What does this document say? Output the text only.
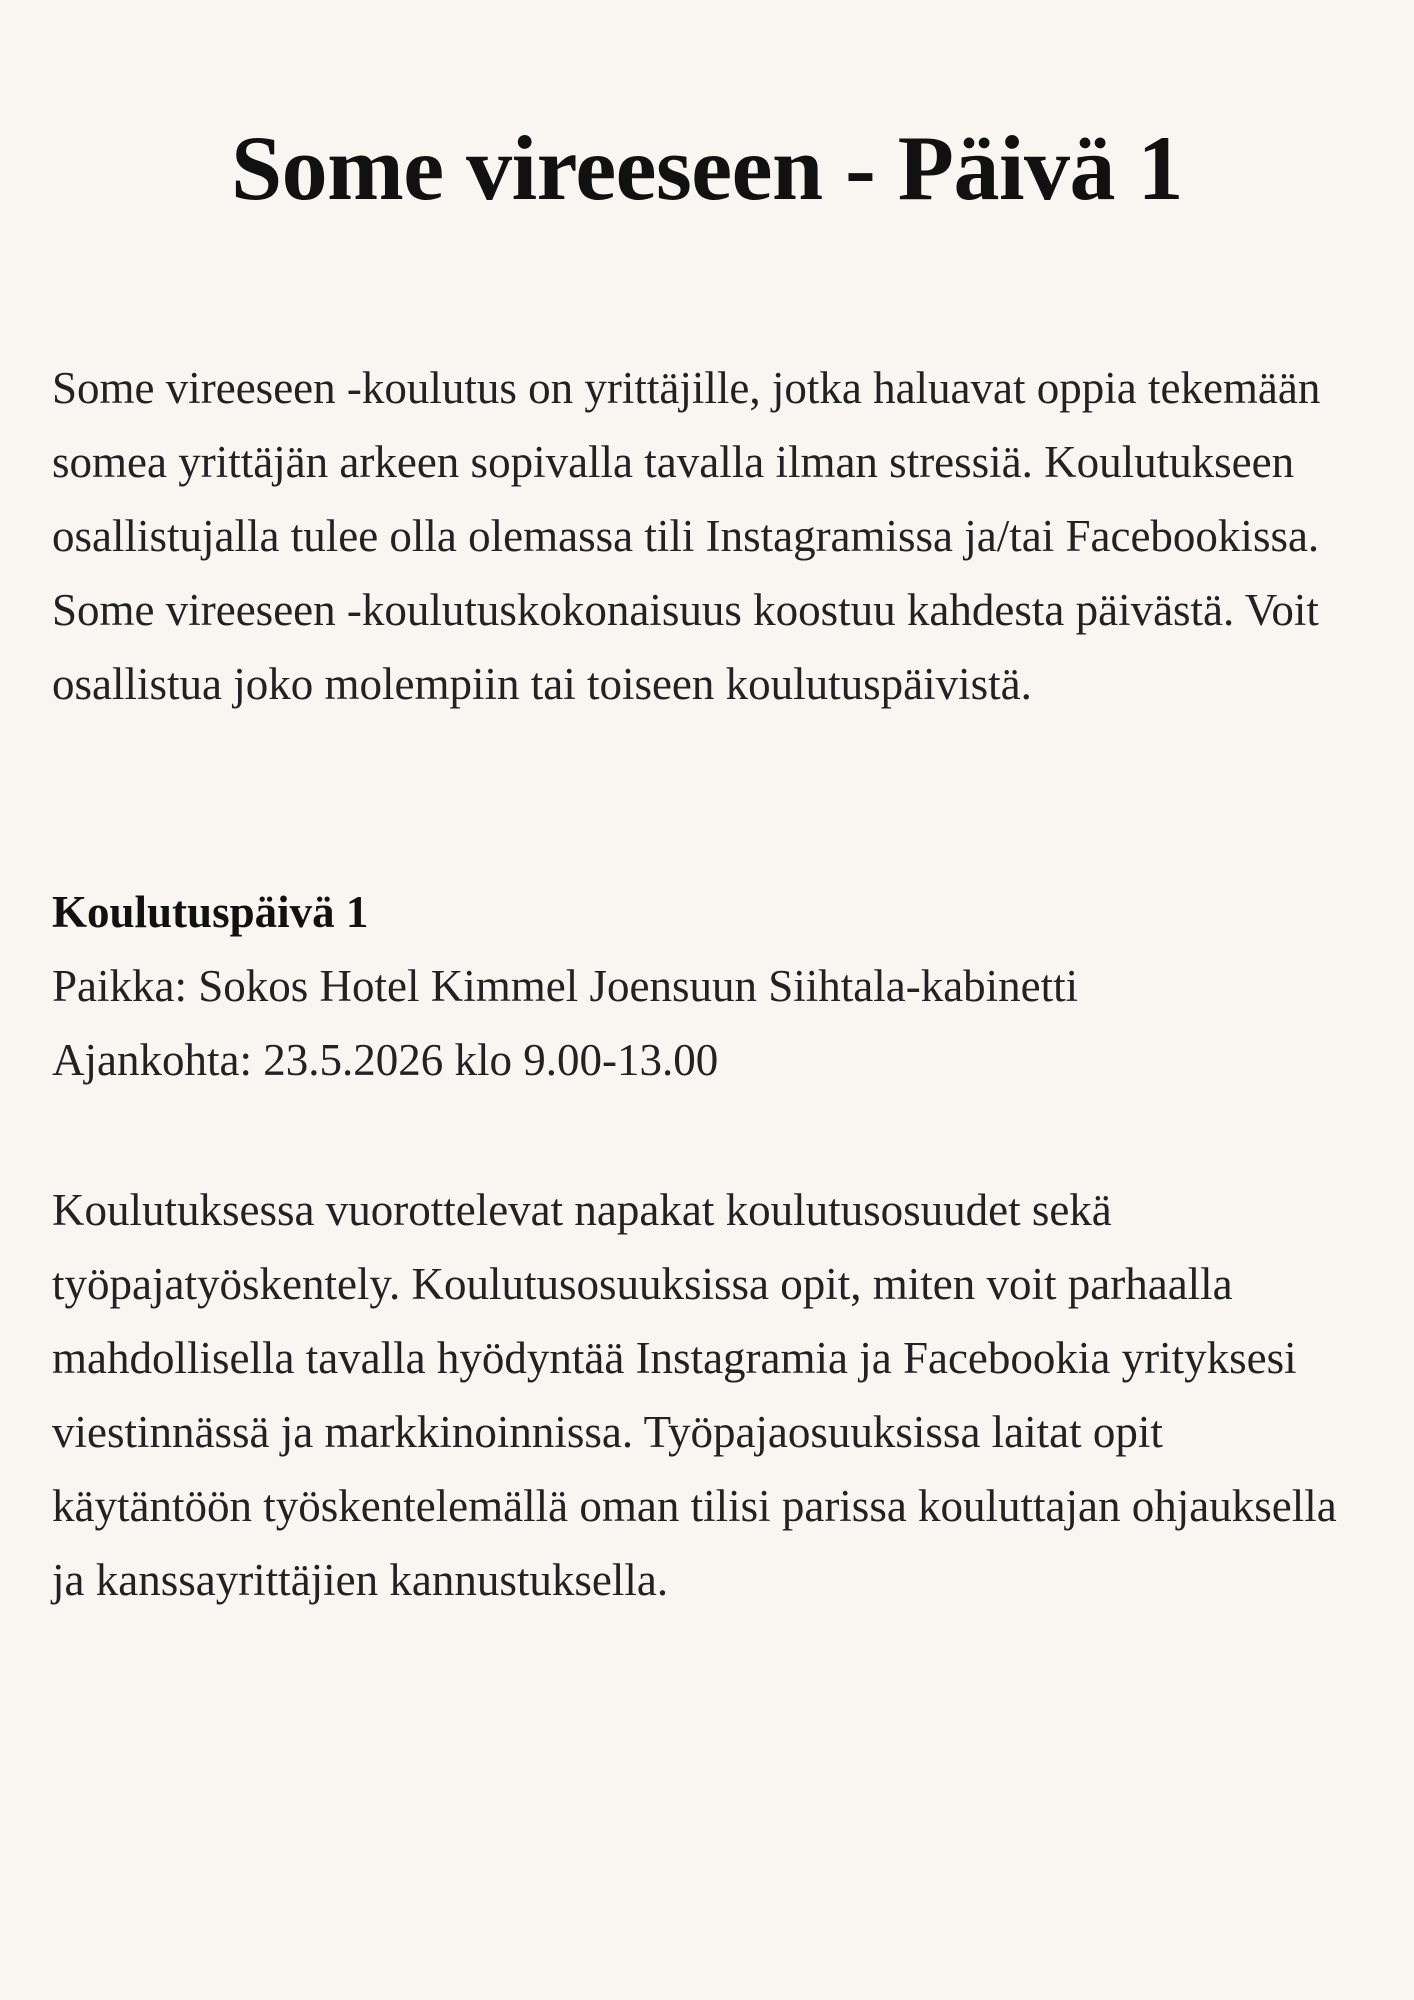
Some vireeseen - Päivä 1

Some vireeseen -koulutus on yrittäjille, jotka haluavat oppia tekemään somea yrittäjän arkeen sopivalla tavalla ilman stressiä. Koulutukseen osallistujalla tulee olla olemassa tili Instagramissa ja/tai Facebookissa. Some vireeseen -koulutuskokonaisuus koostuu kahdesta päivästä. Voit osallistua joko molempiin tai toiseen koulutuspäivistä.

Koulutuspäivä 1
Paikka: Sokos Hotel Kimmel Joensuun Siihtala-kabinetti
Ajankohta: 23.5.2026 klo 9.00-13.00

Koulutuksessa vuorottelevat napakat koulutusosuudet sekä työpajatyöskentely. Koulutusosuuksissa opit, miten voit parhaalla mahdollisella tavalla hyödyntää Instagramia ja Facebookia yrityksesi viestinnässä ja markkinoinnissa. Työpajaosuuksissa laitat opit käytäntöön työskentelemällä oman tilisi parissa kouluttajan ohjauksella ja kanssayrittäjien kannustuksella.
